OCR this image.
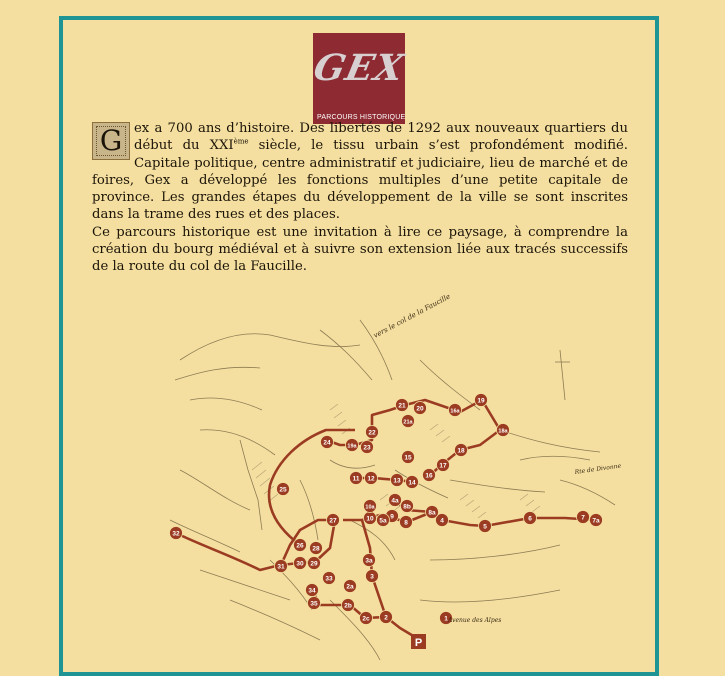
GEX
PARCOURS HISTORIQUE

G ex a 700 ans d’histoire. Des libertés de 1292 aux nouveaux quartiers du début du XXIème siècle, le tissu urbain s’est profondément modifié. Capitale politique, centre administratif et judiciaire, lieu de marché et de foires, Gex a développé les fonctions multiples d’une petite capitale de province. Les grandes étapes du développement de la ville se sont inscrites dans la trame des rues et des places.

Ce parcours historique est une invitation à lire ce paysage, à comprendre la création du bourg médiéval et à suivre son extension liée aux tracés successifs de la route du col de la Faucille.

1
2
3
4
5
6	7 7a
8
8a
8b
9
10
10a
11 12	13 14
15
16
17
18
18a
19
20
21
21a
22
23
24
25
26
27
28
29
30
31
32
33
34
35
2a
2b
2c
3a
4a
5a
16a
19a
P
vers le col de la Faucille
Avenue des Alpes
Rte de Divonne
